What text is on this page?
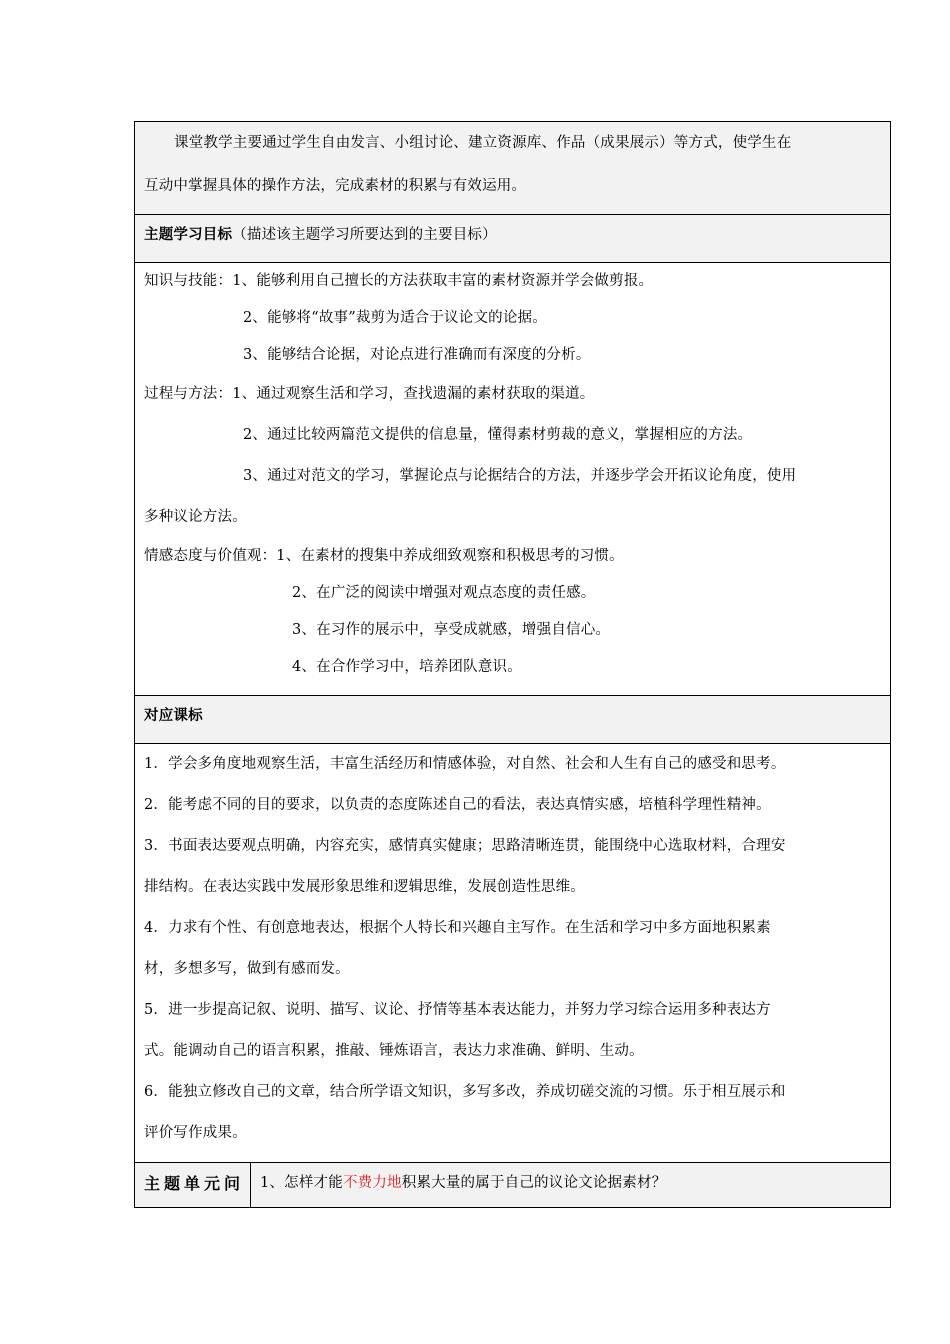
课堂教学主要通过学生自由发言、小组讨论、建立资源库、作品（成果展示）等方式，使学生在
互动中掌握具体的操作方法，完成素材的积累与有效运用。

主题学习目标（描述该主题学习所要达到的主要目标）

知识与技能：1、能够利用自己擅长的方法获取丰富的素材资源并学会做剪报。
2、能够将“故事”裁剪为适合于议论文的论据。
3、能够结合论据，对论点进行准确而有深度的分析。
过程与方法：1、通过观察生活和学习，查找遗漏的素材获取的渠道。
2、通过比较两篇范文提供的信息量，懂得素材剪裁的意义，掌握相应的方法。
3、通过对范文的学习，掌握论点与论据结合的方法，并逐步学会开拓议论角度，使用
多种议论方法。
情感态度与价值观：1、在素材的搜集中养成细致观察和积极思考的习惯。
2、在广泛的阅读中增强对观点态度的责任感。
3、在习作的展示中，享受成就感，增强自信心。
4、在合作学习中，培养团队意识。

对应课标

1．学会多角度地观察生活，丰富生活经历和情感体验，对自然、社会和人生有自己的感受和思考。
2．能考虑不同的目的要求，以负责的态度陈述自己的看法，表达真情实感，培植科学理性精神。
3．书面表达要观点明确，内容充实，感情真实健康；思路清晰连贯，能围绕中心选取材料，合理安
排结构。在表达实践中发展形象思维和逻辑思维，发展创造性思维。
4．力求有个性、有创意地表达，根据个人特长和兴趣自主写作。在生活和学习中多方面地积累素
材，多想多写，做到有感而发。
5．进一步提高记叙、说明、描写、议论、抒情等基本表达能力，并努力学习综合运用多种表达方
式。能调动自己的语言积累，推敲、锤炼语言，表达力求准确、鲜明、生动。
6．能独立修改自己的文章，结合所学语文知识，多写多改，养成切磋交流的习惯。乐于相互展示和
评价写作成果。

主题单元问	1、怎样才能不费力地积累大量的属于自己的议论文论据素材？
